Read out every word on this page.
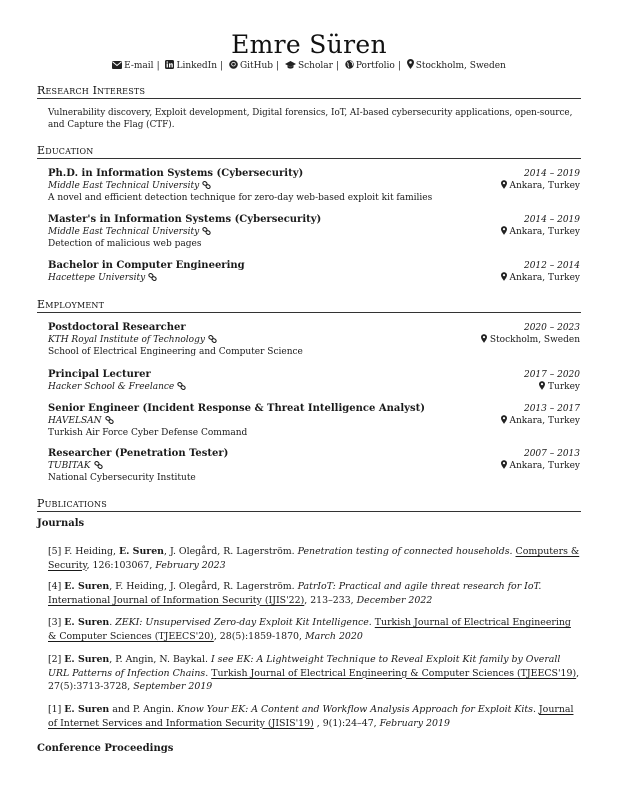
Emre Süren
E-mail | LinkedIn | GitHub | Scholar | Portfolio | Stockholm, Sweden
Research Interests
Vulnerability discovery, Exploit development, Digital forensics, IoT, AI-based cybersecurity applications, open-source, and Capture the Flag (CTF).
Education
Ph.D. in Information Systems (Cybersecurity)	2014 – 2019
Middle East Technical University	Ankara, Turkey
A novel and efficient detection technique for zero-day web-based exploit kit families
Master's in Information Systems (Cybersecurity)	2014 – 2019
Middle East Technical University	Ankara, Turkey
Detection of malicious web pages
Bachelor in Computer Engineering	2012 – 2014
Hacettepe University	Ankara, Turkey
Employment
Postdoctoral Researcher	2020 – 2023
KTH Royal Institute of Technology	Stockholm, Sweden
School of Electrical Engineering and Computer Science
Principal Lecturer	2017 – 2020
Hacker School & Freelance	Turkey
Senior Engineer (Incident Response & Threat Intelligence Analyst)	2013 – 2017
HAVELSAN	Ankara, Turkey
Turkish Air Force Cyber Defense Command
Researcher (Penetration Tester)	2007 – 2013
TUBITAK	Ankara, Turkey
National Cybersecurity Institute
Publications
Journals
[5] F. Heiding, E. Suren, J. Olegård, R. Lagerström. Penetration testing of connected households. Computers & Security, 126:103067, February 2023
[4] E. Suren, F. Heiding, J. Olegård, R. Lagerström. PatrIoT: Practical and agile threat research for IoT. International Journal of Information Security (IJIS'22), 213–233, December 2022
[3] E. Suren. ZEKI: Unsupervised Zero-day Exploit Kit Intelligence. Turkish Journal of Electrical Engineering & Computer Sciences (TJEECS'20), 28(5):1859-1870, March 2020
[2] E. Suren, P. Angin, N. Baykal. I see EK: A Lightweight Technique to Reveal Exploit Kit family by Overall URL Patterns of Infection Chains. Turkish Journal of Electrical Engineering & Computer Sciences (TJEECS'19), 27(5):3713-3728, September 2019
[1] E. Suren and P. Angin. Know Your EK: A Content and Workflow Analysis Approach for Exploit Kits. Journal of Internet Services and Information Security (JISIS'19) , 9(1):24–47, February 2019
Conference Proceedings
